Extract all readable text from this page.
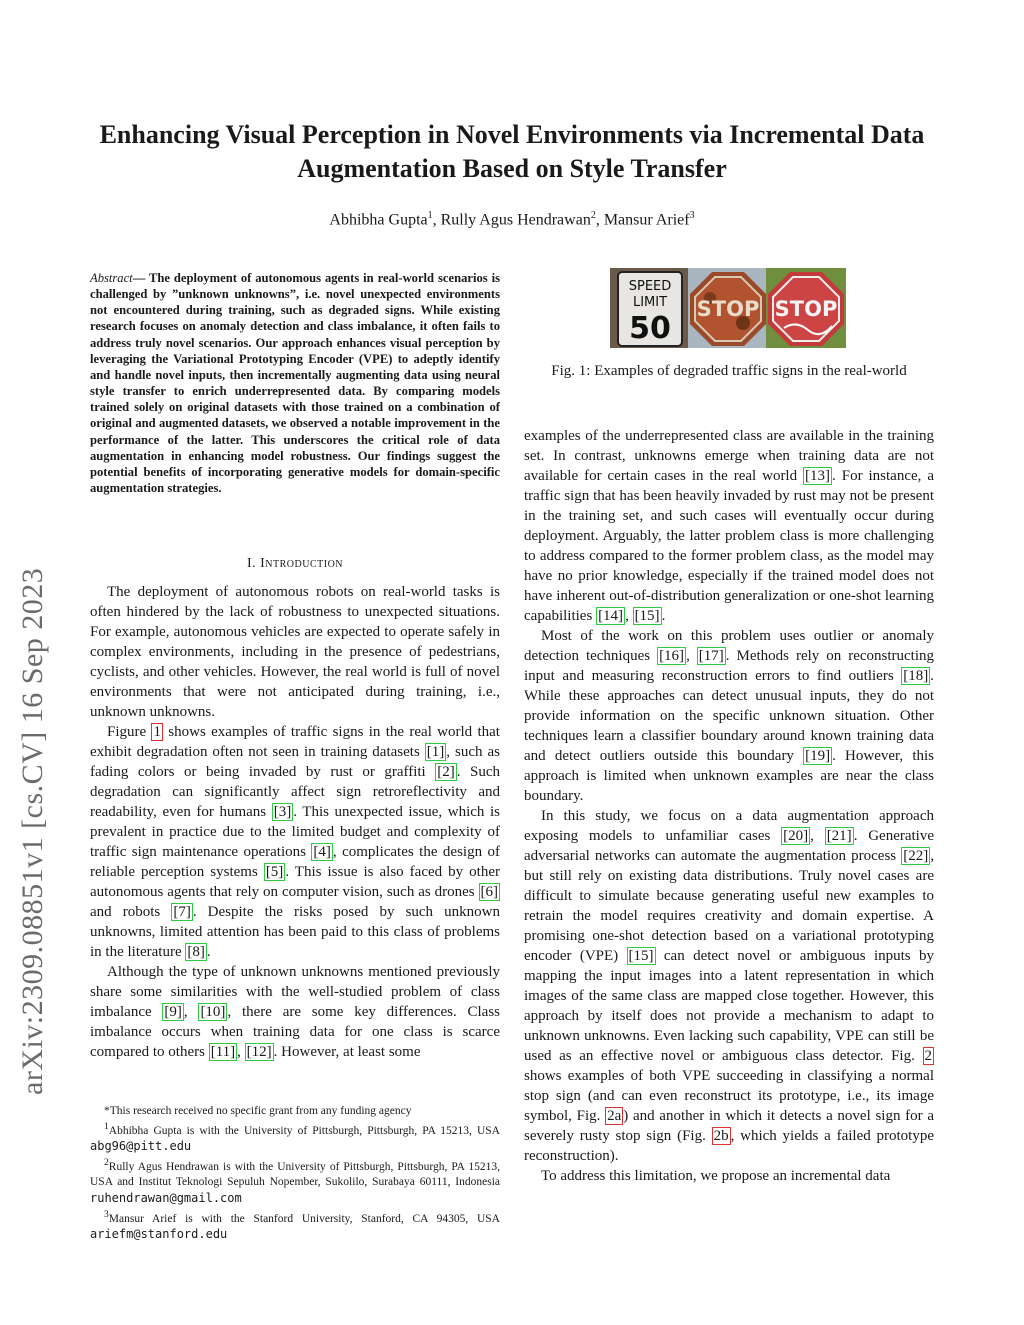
arXiv:2309.08851v1 [cs.CV] 16 Sep 2023
Enhancing Visual Perception in Novel Environments via Incremental Data Augmentation Based on Style Transfer
Abhibha Gupta$^1$, Rully Agus Hendrawan$^2$, Mansur Arief$^3$
Abstract— The deployment of autonomous agents in real-world scenarios is challenged by ”unknown unknowns”, i.e. novel unexpected environments not encountered during training, such as degraded signs. While existing research focuses on anomaly detection and class imbalance, it often fails to address truly novel scenarios. Our approach enhances visual perception by leveraging the Variational Prototyping Encoder (VPE) to adeptly identify and handle novel inputs, then incrementally augmenting data using neural style transfer to enrich underrepresented data. By comparing models trained solely on original datasets with those trained on a combination of original and augmented datasets, we observed a notable improvement in the performance of the latter. This underscores the critical role of data augmentation in enhancing model robustness. Our findings suggest the potential benefits of incorporating generative models for domain-specific augmentation strategies.
I. Introduction

The deployment of autonomous robots on real-world tasks is often hindered by the lack of robustness to unexpected situations. For example, autonomous vehicles are expected to operate safely in complex environments, including in the presence of pedestrians, cyclists, and other vehicles. However, the real world is full of novel environments that were not anticipated during training, i.e., unknown unknowns.

Figure 1 shows examples of traffic signs in the real world that exhibit degradation often not seen in training datasets [1] , such as fading colors or being invaded by rust or graffiti [2] . Such degradation can significantly affect sign retroreflectivity and readability, even for humans [3] . This unexpected issue, which is prevalent in practice due to the limited budget and complexity of traffic sign maintenance operations [4] , complicates the design of reliable perception systems [5] . This issue is also faced by other autonomous agents that rely on computer vision, such as drones [6] and robots [7] . Despite the risks posed by such unknown unknowns, limited attention has been paid to this class of problems in the literature [8] .

Although the type of unknown unknowns mentioned previously share some similarities with the well-studied problem of class imbalance [9] , [10] , there are some key differences. Class imbalance occurs when training data for one class is scarce compared to others [11] , [12] . However, at least some

*This research received no specific grant from any funding agency
$^1$Abhibha Gupta is with the University of Pittsburgh, Pittsburgh, PA 15213, USA abg96@pitt.edu
$^2$Rully Agus Hendrawan is with the University of Pittsburgh, Pittsburgh, PA 15213, USA and Institut Teknologi Sepuluh Nopember, Sukolilo, Surabaya 60111, Indonesia ruhendrawan@gmail.com
$^3$Mansur Arief is with the Stanford University, Stanford, CA 94305, USA ariefm@stanford.edu
SPEED
LIMIT
50
STOP STOP
Fig. 1: Examples of degraded traffic signs in the real-world

examples of the underrepresented class are available in the training set. In contrast, unknowns emerge when training data are not available for certain cases in the real world [13] . For instance, a traffic sign that has been heavily invaded by rust may not be present in the training set, and such cases will eventually occur during deployment. Arguably, the latter problem class is more challenging to address compared to the former problem class, as the model may have no prior knowledge, especially if the trained model does not have inherent out-of-distribution generalization or one-shot learning capabilities [14] , [15] .

Most of the work on this problem uses outlier or anomaly detection techniques [16] , [17] . Methods rely on reconstructing input and measuring reconstruction errors to find outliers [18] . While these approaches can detect unusual inputs, they do not provide information on the specific unknown situation. Other techniques learn a classifier boundary around known training data and detect outliers outside this boundary [19] . However, this approach is limited when unknown examples are near the class boundary.

In this study, we focus on a data augmentation approach exposing models to unfamiliar cases [20] , [21] . Generative adversarial networks can automate the augmentation process [22] , but still rely on existing data distributions. Truly novel cases are difficult to simulate because generating useful new examples to retrain the model requires creativity and domain expertise. A promising one-shot detection based on a variational prototyping encoder (VPE) [15] can detect novel or ambiguous inputs by mapping the input images into a latent representation in which images of the same class are mapped close together. However, this approach by itself does not provide a mechanism to adapt to unknown unknowns. Even lacking such capability, VPE can still be used as an effective novel or ambiguous class detector. Fig. 2 shows examples of both VPE succeeding in classifying a normal stop sign (and can even reconstruct its prototype, i.e., its image symbol, Fig. 2a ) and another in which it detects a novel sign for a severely rusty stop sign (Fig. 2b , which yields a failed prototype reconstruction).

To address this limitation, we propose an incremental data
